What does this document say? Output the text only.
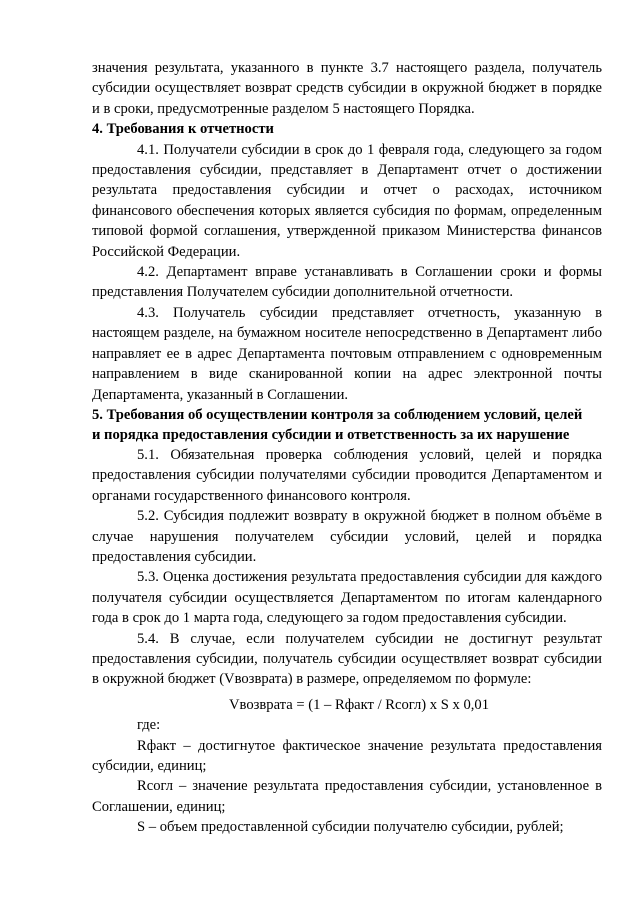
значения результата, указанного в пункте 3.7 настоящего раздела, получатель субсидии осуществляет возврат средств субсидии в окружной бюджет в порядке и в сроки, предусмотренные разделом 5 настоящего Порядка.

4. Требования к отчетности

4.1. Получатели субсидии в срок до 1 февраля года, следующего за годом предоставления субсидии, представляет в Департамент отчет о достижении результата предоставления субсидии и отчет о расходах, источником финансового обеспечения которых является субсидия по формам, определенным типовой формой соглашения, утвержденной приказом Министерства финансов Российской Федерации.

4.2. Департамент вправе устанавливать в Соглашении сроки и формы представления Получателем субсидии дополнительной отчетности.

4.3. Получатель субсидии представляет отчетность, указанную в настоящем разделе, на бумажном носителе непосредственно в Департамент либо направляет ее в адрес Департамента почтовым отправлением с одновременным направлением в виде сканированной копии на адрес электронной почты Департамента, указанный в Соглашении.

5. Требования об осуществлении контроля за соблюдением условий, целей
и порядка предоставления субсидии и ответственность за их нарушение

5.1. Обязательная проверка соблюдения условий, целей и порядка предоставления субсидии получателями субсидии проводится Департаментом и органами государственного финансового контроля.

5.2. Субсидия подлежит возврату в окружной бюджет в полном объёме в случае нарушения получателем субсидии условий, целей и порядка предоставления субсидии.

5.3. Оценка достижения результата предоставления субсидии для каждого получателя субсидии осуществляется Департаментом по итогам календарного года в срок до 1 марта года, следующего за годом предоставления субсидии.

5.4. В случае, если получателем субсидии не достигнут результат предоставления субсидии, получатель субсидии осуществляет возврат субсидии в окружной бюджет (Vвозврата) в размере, определяемом по формуле:

Vвозврата = (1 – Rфакт / Rсогл) x S x 0,01

где:

Rфакт – достигнутое фактическое значение результата предоставления субсидии, единиц;

Rсогл – значение результата предоставления субсидии, установленное в Соглашении, единиц;

S – объем предоставленной субсидии получателю субсидии, рублей;
